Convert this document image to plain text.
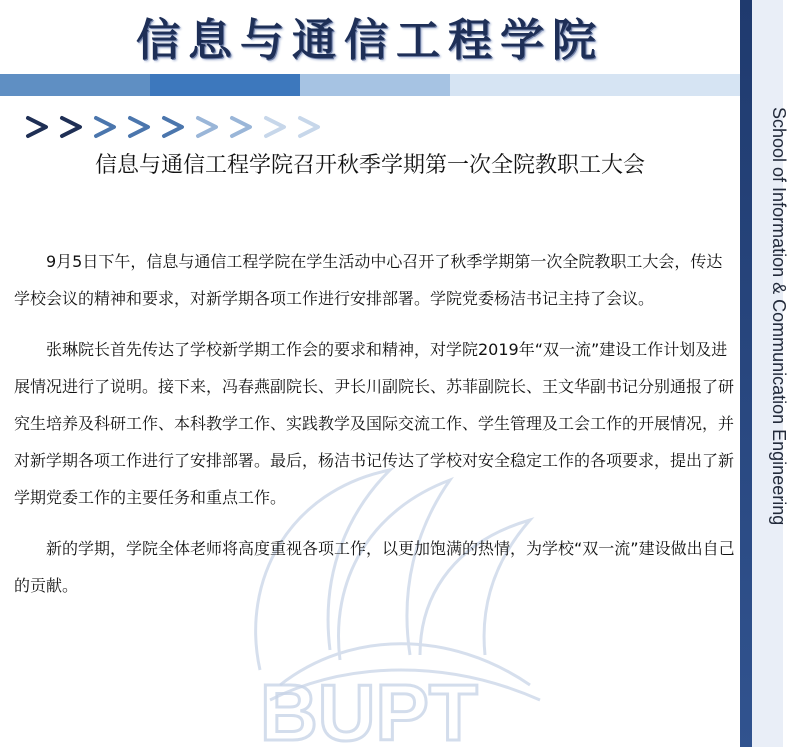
信息与通信工程学院
School of Information & Communication Engineering
信息与通信工程学院召开秋季学期第一次全院教职工大会
BUPT

9月5日下午，信息与通信工程学院在学生活动中心召开了秋季学期第一次全院教职工大会，传达学校会议的精神和要求，对新学期各项工作进行安排部署。学院党委杨洁书记主持了会议。

张琳院长首先传达了学校新学期工作会的要求和精神，对学院2019年“双一流”建设工作计划及进展情况进行了说明。接下来，冯春燕副院长、尹长川副院长、苏菲副院长、王文华副书记分别通报了研究生培养及科研工作、本科教学工作、实践教学及国际交流工作、学生管理及工会工作的开展情况，并对新学期各项工作进行了安排部署。最后，杨洁书记传达了学校对安全稳定工作的各项要求，提出了新学期党委工作的主要任务和重点工作。

新的学期，学院全体老师将高度重视各项工作，以更加饱满的热情，为学校“双一流”建设做出自己的贡献。
